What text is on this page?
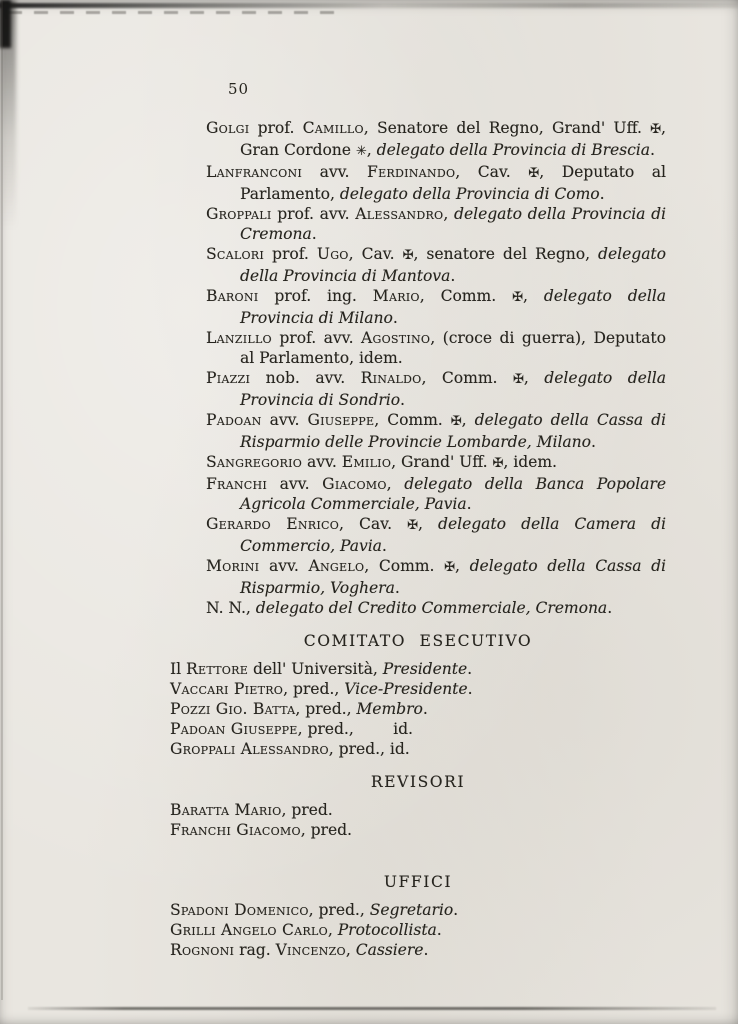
50

Golgi prof. Camillo, Senatore del Regno, Grand' Uff. ✠, Gran Cordone ✳, delegato della Provincia di Brescia.

Lanfranconi avv. Ferdinando, Cav. ✠, Deputato al Parlamento, delegato della Provincia di Como.

Groppali prof. avv. Alessandro, delegato della Provincia di Cremona.

Scalori prof. Ugo, Cav. ✠, senatore del Regno, delegato della Provincia di Mantova.

Baroni prof. ing. Mario, Comm. ✠, delegato della Provincia di Milano.

Lanzillo prof. avv. Agostino, (croce di guerra), Deputato al Parlamento, idem.

Piazzi nob. avv. Rinaldo, Comm. ✠, delegato della Provincia di Sondrio.

Padoan avv. Giuseppe, Comm. ✠, delegato della Cassa di Risparmio delle Provincie Lombarde, Milano.

Sangregorio avv. Emilio, Grand' Uff. ✠, idem.

Franchi avv. Giacomo, delegato della Banca Popolare Agricola Commerciale, Pavia.

Gerardo Enrico, Cav. ✠, delegato della Camera di Commercio, Pavia.

Morini avv. Angelo, Comm. ✠, delegato della Cassa di Risparmio, Voghera.

N. N., delegato del Credito Commerciale, Cremona.

COMITATO ESECUTIVO

Il Rettore dell' Università, Presidente.

Vaccari Pietro, pred., Vice-Presidente.

Pozzi Gio. Batta, pred., Membro.

Padoan Giuseppe, pred.,        id.

Groppali Alessandro, pred., id.

REVISORI

Baratta Mario, pred.

Franchi Giacomo, pred.

UFFICI

Spadoni Domenico, pred., Segretario.

Grilli Angelo Carlo, Protocollista.

Rognoni rag. Vincenzo, Cassiere.
